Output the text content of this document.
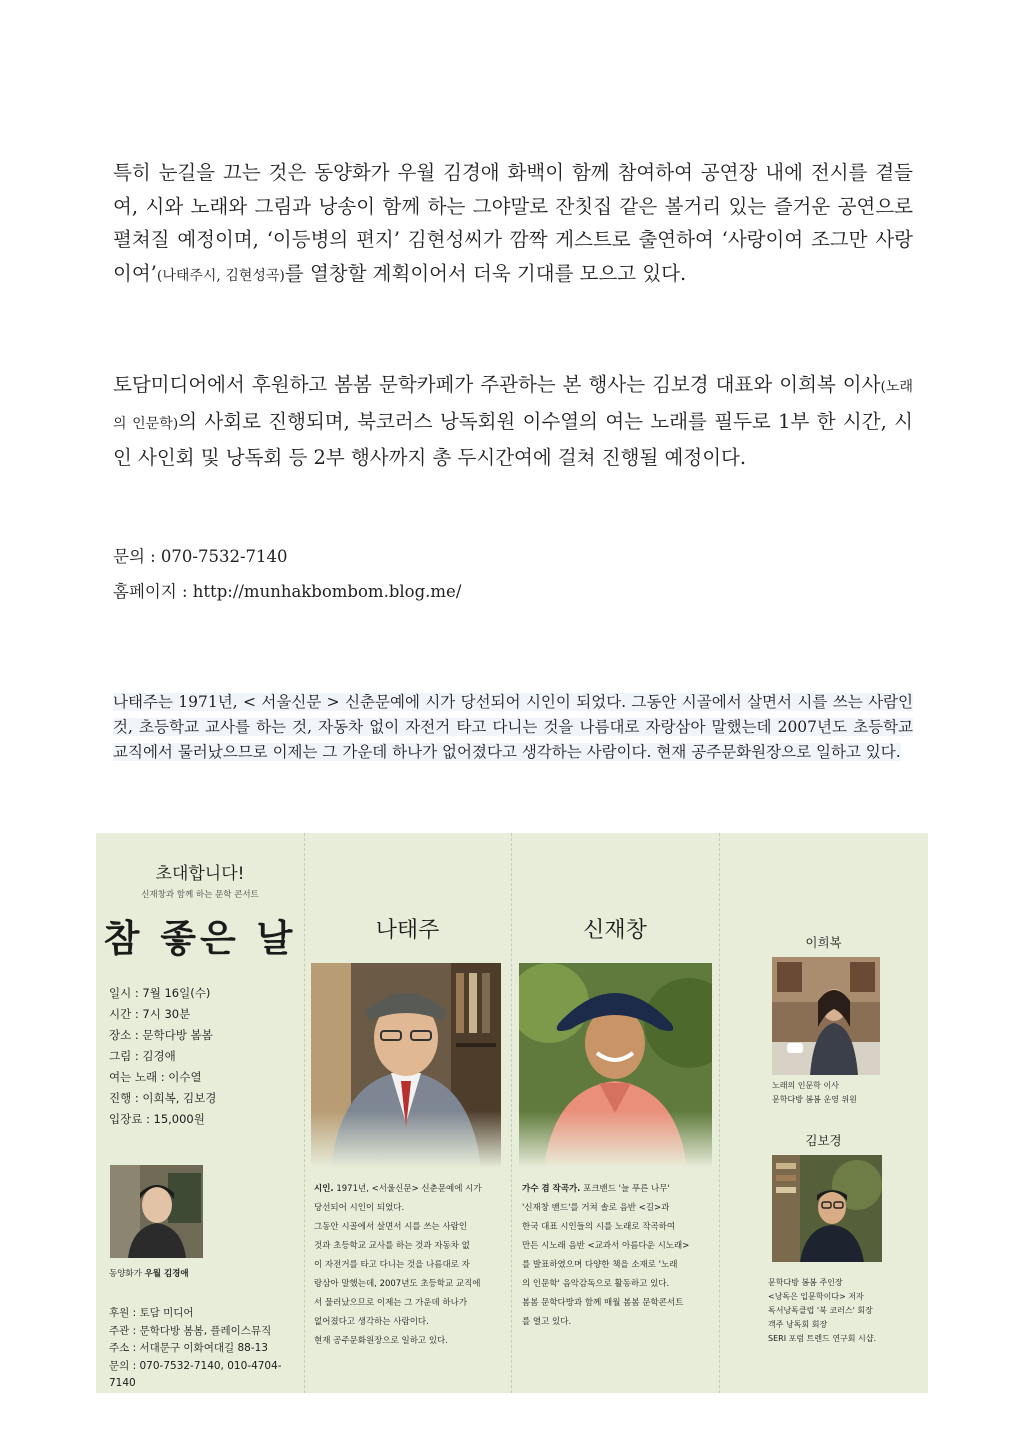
특히 눈길을 끄는 것은 동양화가 우월 김경애 화백이 함께 참여하여 공연장 내에 전시를 곁들여, 시와 노래와 그림과 낭송이 함께 하는 그야말로 잔칫집 같은 볼거리 있는 즐거운 공연으로 펼쳐질 예정이며, ‘이등병의 편지’ 김현성씨가 깜짝 게스트로 출연하여 ‘사랑이여 조그만 사랑이여’(나태주시, 김현성곡)를 열창할 계획이어서 더욱 기대를 모으고 있다.

토담미디어에서 후원하고 봄봄 문학카페가 주관하는 본 행사는 김보경 대표와 이희복 이사(노래의 인문학)의 사회로 진행되며, 북코러스 낭독회원 이수열의 여는 노래를 필두로 1부 한 시간, 시인 사인회 및 낭독회 등 2부 행사까지 총 두시간여에 걸쳐 진행될 예정이다.

문의 : 070-7532-7140

홈페이지 : http://munhakbombom.blog.me/

나태주는 1971년, < 서울신문 > 신춘문예에 시가 당선되어 시인이 되었다. 그동안 시골에서 살면서 시를 쓰는 사람인 것, 초등학교 교사를 하는 것, 자동차 없이 자전거 타고 다니는 것을 나름대로 자랑삼아 말했는데 2007년도 초등학교 교직에서 물러났으므로 이제는 그 가운데 하나가 없어졌다고 생각하는 사람이다. 현재 공주문화원장으로 일하고 있다.

초대합니다!
신재창과 함께 하는 문학 콘서트
참 좋은 날
일시 : 7월 16일(수)
시간 : 7시 30분
장소 : 문학다방 봄봄
그림 : 김경애
여는 노래 : 이수열
진행 : 이희복, 김보경
입장료 : 15,000원
동양화가 우월 김경애
후원 : 토담 미디어
주관 : 문학다방 봄봄, 플레이스뮤직
주소 : 서대문구 이화여대길 88-13
문의 : 070-7532-7140, 010-4704-7140
나태주
시인. 1971년, <서울신문> 신춘문예에 시가
당선되어 시인이 되었다.
그동안 시골에서 살면서 시를 쓰는 사람인
것과 초등학교 교사를 하는 것과 자동차 없
이 자전거를 타고 다니는 것을 나름대로 자
랑삼아 말했는데, 2007년도 초등학교 교직에
서 물러났으므로 이제는 그 가운데 하나가
없어졌다고 생각하는 사람이다.
현재 공주문화원장으로 일하고 있다.
신재창
가수 겸 작곡가. 포크밴드 '늘 푸른 나무'
'신재창 밴드'를 거쳐 솔로 음반 <길>과
한국 대표 시인들의 시를 노래로 작곡하여
만든 시노래 음반 <교과서 아름다운 시노래>
를 발표하였으며 다양한 책을 소재로 '노래
의 인문학' 음악감독으로 활동하고 있다.
봄봄 문학다방과 함께 매월 봄봄 문학콘서트
를 열고 있다.
이희복
노래의 인문학 이사
문학다방 봄봄 운영 위원
김보경
문학다방 봄봄 주인장
<낭독은 입문학이다> 저자
독서낭독클럽 '북 코러스' 회장
객주 낭독회 회장
SERI 포럼 트렌드 연구회 시샵.
